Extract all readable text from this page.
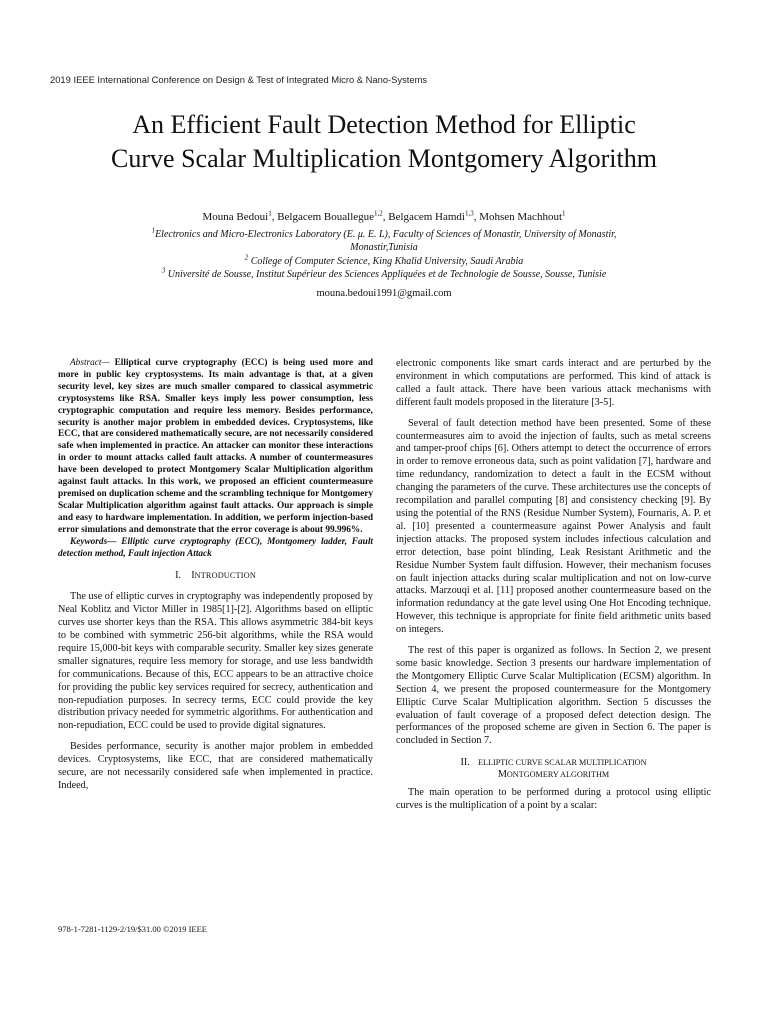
2019 IEEE International Conference on Design & Test of Integrated Micro & Nano-Systems
An Efficient Fault Detection Method for Elliptic
Curve Scalar Multiplication Montgomery Algorithm
Mouna Bedoui$^1$, Belgacem Bouallegue$^{1,2}$, Belgacem Hamdi$^{1,3}$, Mohsen Machhout$^1$
$^1$Electronics and Micro-Electronics Laboratory (E. μ. E. L), Faculty of Sciences of Monastir, University of Monastir,
Monastir,Tunisia
$^2$ College of Computer Science, King Khalid University, Saudi Arabia
$^3$ Université de Sousse, Institut Supérieur des Sciences Appliquées et de Technologie de Sousse, Sousse, Tunisie
mouna.bedoui1991@gmail.com

Abstract— Elliptical curve cryptography (ECC) is being used more and more in public key cryptosystems. Its main advantage is that, at a given security level, key sizes are much smaller compared to classical asymmetric cryptosystems like RSA. Smaller keys imply less power consumption, less cryptographic computation and require less memory. Besides performance, security is another major problem in embedded devices. Cryptosystems, like ECC, that are considered mathematically secure, are not necessarily considered safe when implemented in practice. An attacker can monitor these interactions in order to mount attacks called fault attacks. A number of countermeasures have been developed to protect Montgomery Scalar Multiplication algorithm against fault attacks. In this work, we proposed an efficient countermeasure premised on duplication scheme and the scrambling technique for Montgomery Scalar Multiplication algorithm against fault attacks. Our approach is simple and easy to hardware implementation. In addition, we perform injection-based error simulations and demonstrate that the error coverage is about 99.996%.

Keywords— Elliptic curve cryptography (ECC), Montgomery ladder, Fault detection method, Fault injection Attack

I. INTRODUCTION

The use of elliptic curves in cryptography was independently proposed by Neal Koblitz and Victor Miller in 1985[1]-[2]. Algorithms based on elliptic curves use shorter keys than the RSA. This allows asymmetric 384-bit keys to be combined with symmetric 256-bit algorithms, while the RSA would require 15,000-bit keys with comparable security. Smaller key sizes generate smaller signatures, require less memory for storage, and use less bandwidth for communications. Because of this, ECC appears to be an attractive choice for providing the public key services required for secrecy, authentication and non-repudiation purposes. In secrecy terms, ECC could provide the key distribution privacy needed for symmetric algorithms. For authentication and non-repudiation, ECC could be used to provide digital signatures.

Besides performance, security is another major problem in embedded devices. Cryptosystems, like ECC, that are considered mathematically secure, are not necessarily considered safe when implemented in practice. Indeed,

electronic components like smart cards interact and are perturbed by the environment in which computations are performed. This kind of attack is called a fault attack. There have been various attack mechanisms with different fault models proposed in the literature [3-5].

Several of fault detection method have been presented. Some of these countermeasures aim to avoid the injection of faults, such as metal screens and tamper-proof chips [6]. Others attempt to detect the occurrence of errors in order to remove erroneous data, such as point validation [7], hardware and time redundancy, randomization to detect a fault in the ECSM without changing the parameters of the curve. These architectures use the concepts of recompilation and parallel computing [8] and consistency checking [9]. By using the potential of the RNS (Residue Number System), Fournaris, A. P. et al. [10] presented a countermeasure against Power Analysis and fault injection attacks. The proposed system includes infectious calculation and error detection, base point blinding, Leak Resistant Arithmetic and the Residue Number System fault diffusion. However, their mechanism focuses on fault injection attacks during scalar multiplication and not on low-curve attacks. Marzouqi et al. [11] proposed another countermeasure based on the information redundancy at the gate level using One Hot Encoding technique. However, this technique is appropriate for finite field arithmetic units based on integers.

The rest of this paper is organized as follows. In Section 2, we present some basic knowledge. Section 3 presents our hardware implementation of the Montgomery Elliptic Curve Scalar Multiplication (ECSM) algorithm. In Section 4, we present the proposed countermeasure for the Montgomery Elliptic Curve Scalar Multiplication algorithm. Section 5 discusses the evaluation of fault coverage of a proposed defect detection design. The performances of the proposed scheme are given in Section 6. The paper is concluded in Section 7.

II. ELLIPTIC CURVE SCALAR MULTIPLICATION
MONTGOMERY ALGORITHM

The main operation to be performed during a protocol using elliptic curves is the multiplication of a point by a scalar:

978-1-7281-1129-2/19/$31.00 ©2019 IEEE
